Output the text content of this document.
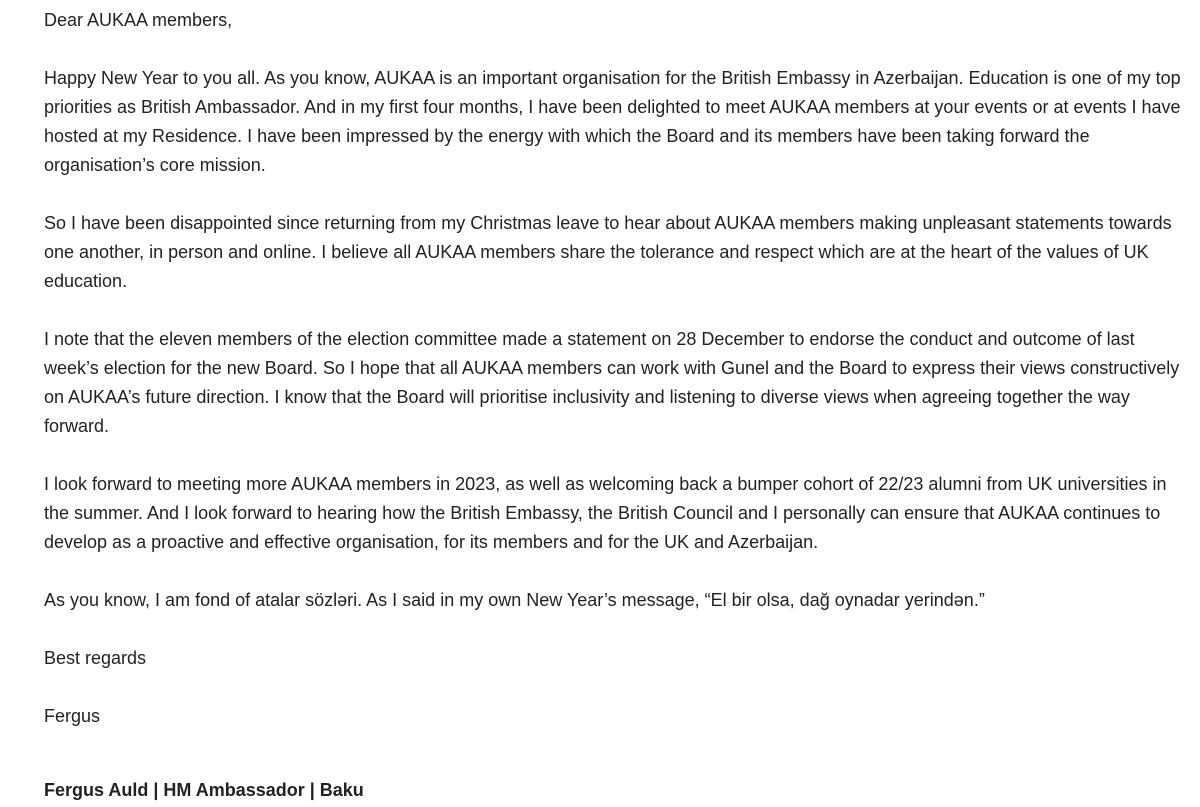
Dear AUKAA members,

Happy New Year to you all. As you know, AUKAA is an important organisation for the British Embassy in Azerbaijan. Education is one of my top priorities as British Ambassador. And in my first four months, I have been delighted to meet AUKAA members at your events or at events I have hosted at my Residence. I have been impressed by the energy with which the Board and its members have been taking forward the organisation’s core mission.

So I have been disappointed since returning from my Christmas leave to hear about AUKAA members making unpleasant statements towards one another, in person and online. I believe all AUKAA members share the tolerance and respect which are at the heart of the values of UK education.

I note that the eleven members of the election committee made a statement on 28 December to endorse the conduct and outcome of last week’s election for the new Board. So I hope that all AUKAA members can work with Gunel and the Board to express their views constructively on AUKAA’s future direction. I know that the Board will prioritise inclusivity and listening to diverse views when agreeing together the way forward.

I look forward to meeting more AUKAA members in 2023, as well as welcoming back a bumper cohort of 22/23 alumni from UK universities in the summer. And I look forward to hearing how the British Embassy, the British Council and I personally can ensure that AUKAA continues to develop as a proactive and effective organisation, for its members and for the UK and Azerbaijan.

As you know, I am fond of atalar sözləri. As I said in my own New Year’s message, “El bir olsa, dağ oynadar yerindən.”

Best regards

Fergus

Fergus Auld | HM Ambassador | Baku
